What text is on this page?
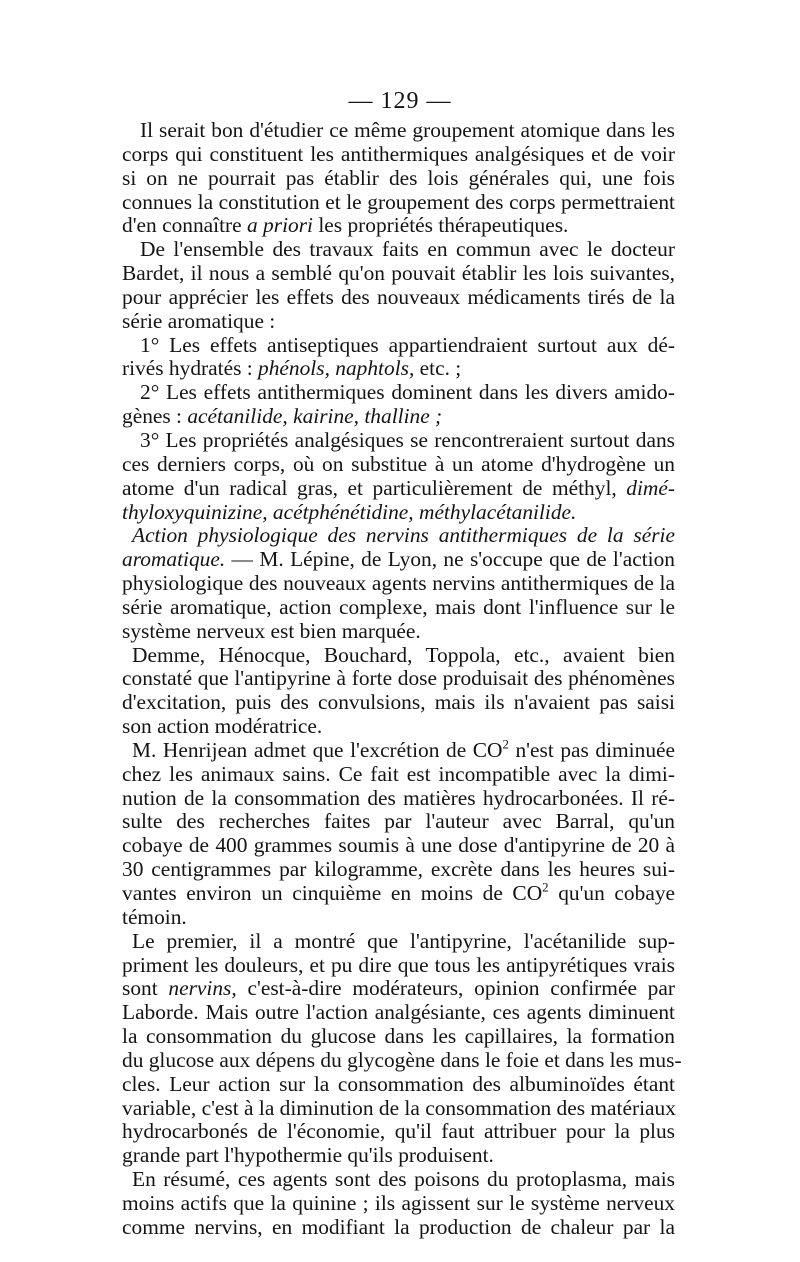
— 129 —
Il serait bon d'étudier ce même groupement atomique dans les
corps qui constituent les antithermiques analgésiques et de voir
si on ne pourrait pas établir des lois générales qui, une fois
connues la constitution et le groupement des corps permettraient
d'en connaître a priori les propriétés thérapeutiques.
De l'ensemble des travaux faits en commun avec le docteur
Bardet, il nous a semblé qu'on pouvait établir les lois suivantes,
pour apprécier les effets des nouveaux médicaments tirés de la
série aromatique :
1° Les effets antiseptiques appartiendraient surtout aux dé-
rivés hydratés : phénols, naphtols, etc. ;
2° Les effets antithermiques dominent dans les divers amido-
gènes : acétanilide, kairine, thalline ;
3° Les propriétés analgésiques se rencontreraient surtout dans
ces derniers corps, où on substitue à un atome d'hydrogène un
atome d'un radical gras, et particulièrement de méthyl, dimé-
thyloxyquinizine, acétphénétidine, méthylacétanilide.
Action physiologique des nervins antithermiques de la série
aromatique. — M. Lépine, de Lyon, ne s'occupe que de l'action
physiologique des nouveaux agents nervins antithermiques de la
série aromatique, action complexe, mais dont l'influence sur le
système nerveux est bien marquée.
Demme, Hénocque, Bouchard, Toppola, etc., avaient bien
constaté que l'antipyrine à forte dose produisait des phénomènes
d'excitation, puis des convulsions, mais ils n'avaient pas saisi
son action modératrice.
M. Henrijean admet que l'excrétion de $CO^2$ n'est pas diminuée
chez les animaux sains. Ce fait est incompatible avec la dimi-
nution de la consommation des matières hydrocarbonées. Il ré-
sulte des recherches faites par l'auteur avec Barral, qu'un
cobaye de 400 grammes soumis à une dose d'antipyrine de 20 à
30 centigrammes par kilogramme, excrète dans les heures sui-
vantes environ un cinquième en moins de $CO^2$ qu'un cobaye
témoin.
Le premier, il a montré que l'antipyrine, l'acétanilide sup-
priment les douleurs, et pu dire que tous les antipyrétiques vrais
sont nervins, c'est-à-dire modérateurs, opinion confirmée par
Laborde. Mais outre l'action analgésiante, ces agents diminuent
la consommation du glucose dans les capillaires, la formation
du glucose aux dépens du glycogène dans le foie et dans les mus-
cles. Leur action sur la consommation des albuminoïdes étant
variable, c'est à la diminution de la consommation des matériaux
hydrocarbonés de l'économie, qu'il faut attribuer pour la plus
grande part l'hypothermie qu'ils produisent.
En résumé, ces agents sont des poisons du protoplasma, mais
moins actifs que la quinine ; ils agissent sur le système nerveux
comme nervins, en modifiant la production de chaleur par la
